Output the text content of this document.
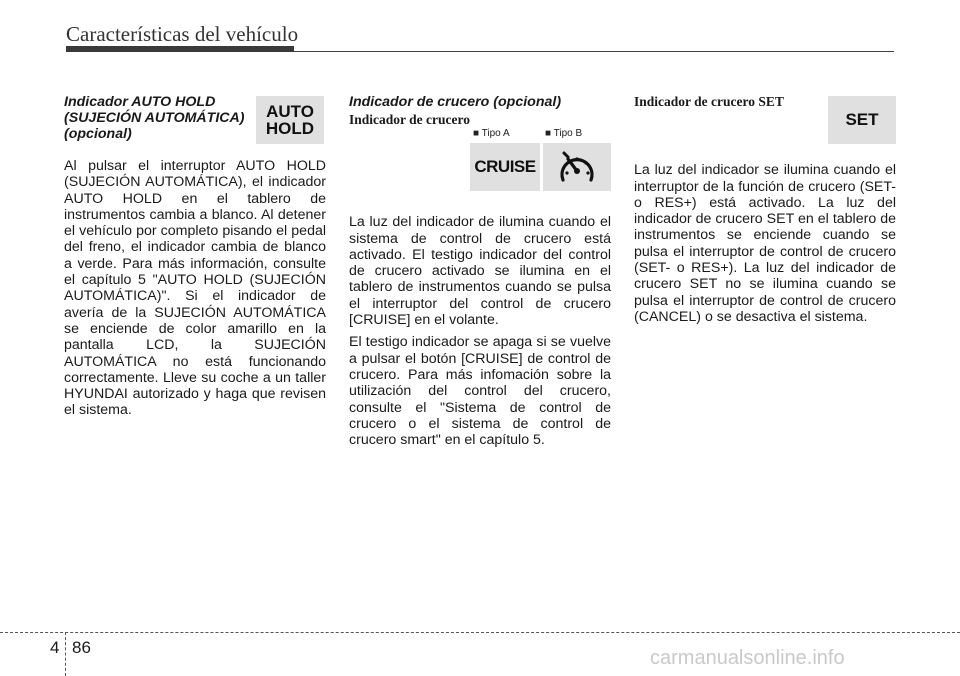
Características del vehículo
Indicador AUTO HOLD
(SUJECIÓN AUTOMÁTICA)
(opcional)

Al pulsar el interruptor AUTO HOLD (SUJECIÓN AUTOMÁTICA), el indicador AUTO HOLD en el tablero de instrumentos cambia a blanco. Al detener el vehículo por completo pisando el pedal del freno, el indicador cambia de blanco a verde. Para más información, consulte el capítulo 5 "AUTO HOLD (SUJECIÓN AUTOMÁTICA)". Si el indicador de avería de la SUJECIÓN AUTOMÁTICA se enciende de color amarillo en la pantalla LCD, la SUJECIÓN AUTOMÁTICA no está funcionando correctamente. Lleve su coche a un taller HYUNDAI autorizado y haga que revisen el sistema.

AUTO
HOLD
Indicador de crucero (opcional)
Indicador de crucero

La luz del indicador de ilumina cuando el sistema de control de crucero está activado. El testigo indicador del control de crucero activado se ilumina en el tablero de instrumentos cuando se pulsa el interruptor del control de crucero [CRUISE] en el volante.

El testigo indicador se apaga si se vuelve a pulsar el botón [CRUISE] de control de crucero. Para más infomación sobre la utilización del control del crucero, consulte el "Sistema de control de crucero o el sistema de control de crucero smart" en el capítulo 5.

■ Tipo A	■ Tipo B
CRUISE
Indicador de crucero SET

La luz del indicador se ilumina cuando el interruptor de la función de crucero (SET- o RES+) está activado. La luz del indicador de crucero SET en el tablero de instrumentos se enciende cuando se pulsa el interruptor de control de crucero (SET- o RES+). La luz del indicador de crucero SET no se ilumina cuando se pulsa el interruptor de control de crucero (CANCEL) o se desactiva el sistema.

SET
4 86	carmanualsonline.info
